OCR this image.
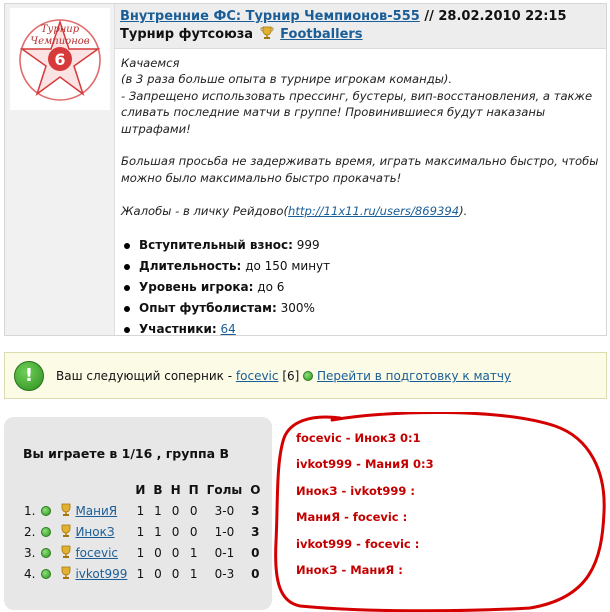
6
Турнир
Чемпионов
Внутренние ФС: Турнир Чемпионов-555 // 28.02.2010 22:15
Турнир футсоюза Footballers

Качаемся

(в 3 раза больше опыта в турнире игрокам команды).

- Запрещено использовать прессинг, бустеры, вип-восстановления, а также сливать последние матчи в группе! Провинившиеся будут наказаны штрафами!

Большая просьба не задерживать время, играть максимально быстро, чтобы можно было максимально быстро прокачать!

Жалобы - в личку Рейдово(http://11x11.ru/users/869394).

Вступительный взнос: 999
Длительность: до 150 минут
Уровень игрока: до 6
Опыт футболистам: 300%
Участники: 64
!	Ваш следующий соперник - focevic [6] Перейти в подготовку к матчу
Вы играете в 1/16 , группа B
			И	В	Н	П	Голы	О
1.		МаниЯ	1	1	0	0	3-0	3
2.		ИнокЗ	1	1	0	0	1-0	3
3.		focevic	1	0	0	1	0-1	0
4.		ivkot999	1	0	0	1	0-3	0
focevic - ИнокЗ 0:1
ivkot999 - МаниЯ 0:3
ИнокЗ - ivkot999 :
МаниЯ - focevic :
ivkot999 - focevic :
ИнокЗ - МаниЯ :
